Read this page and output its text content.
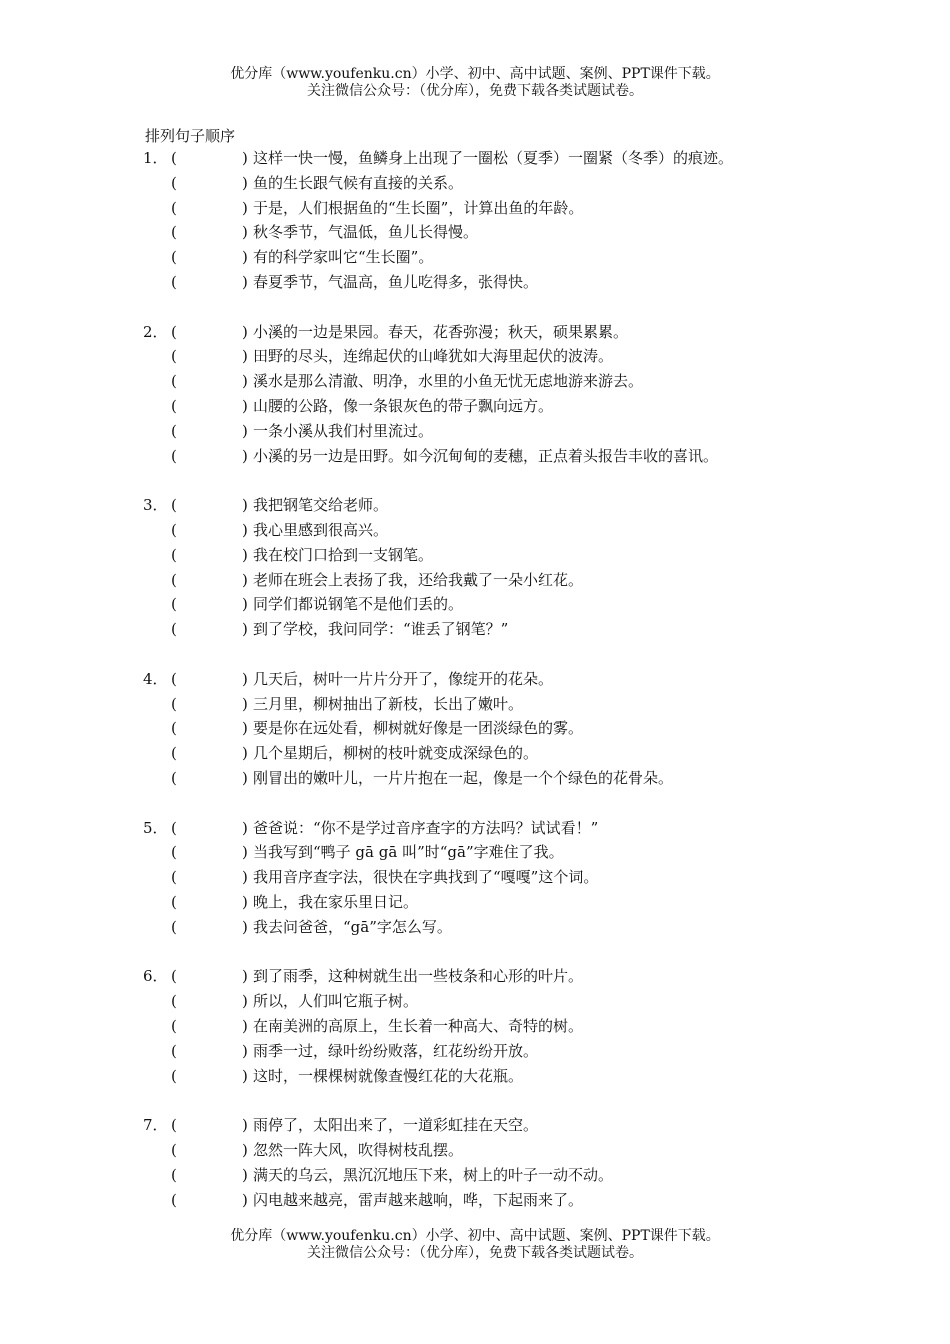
优分库（www.youfenku.cn）小学、初中、高中试题、案例、PPT课件下载。
关注微信公众号：（优分库），免费下载各类试题试卷。
排列句子顺序
1． (	) 这样一快一慢，鱼鳞身上出现了一圈松（夏季）一圈紧（冬季）的痕迹。
(	) 鱼的生长跟气候有直接的关系。
(	) 于是，人们根据鱼的“生长圈”，计算出鱼的年龄。
(	) 秋冬季节，气温低，鱼儿长得慢。
(	) 有的科学家叫它“生长圈”。
(	) 春夏季节，气温高，鱼儿吃得多，张得快。
2． (	) 小溪的一边是果园。春天，花香弥漫；秋天，硕果累累。
(	) 田野的尽头，连绵起伏的山峰犹如大海里起伏的波涛。
(	) 溪水是那么清澈、明净，水里的小鱼无忧无虑地游来游去。
(	) 山腰的公路，像一条银灰色的带子飘向远方。
(	) 一条小溪从我们村里流过。
(	) 小溪的另一边是田野。如今沉甸甸的麦穗，正点着头报告丰收的喜讯。
3． (	) 我把钢笔交给老师。
(	) 我心里感到很高兴。
(	) 我在校门口拾到一支钢笔。
(	) 老师在班会上表扬了我，还给我戴了一朵小红花。
(	) 同学们都说钢笔不是他们丢的。
(	) 到了学校，我问同学：“谁丢了钢笔？”
4． (	) 几天后，树叶一片片分开了，像绽开的花朵。
(	) 三月里，柳树抽出了新枝，长出了嫩叶。
(	) 要是你在远处看，柳树就好像是一团淡绿色的雾。
(	) 几个星期后，柳树的枝叶就变成深绿色的。
(	) 刚冒出的嫩叶儿，一片片抱在一起，像是一个个绿色的花骨朵。
5． (	) 爸爸说：“你不是学过音序查字的方法吗？试试看！”
(	) 当我写到“鸭子 gā gā 叫”时“gā”字难住了我。
(	) 我用音序查字法，很快在字典找到了“嘎嘎”这个词。
(	) 晚上，我在家乐里日记。
(	) 我去问爸爸，“gā”字怎么写。
6． (	) 到了雨季，这种树就生出一些枝条和心形的叶片。
(	) 所以，人们叫它瓶子树。
(	) 在南美洲的高原上，生长着一种高大、奇特的树。
(	) 雨季一过，绿叶纷纷败落，红花纷纷开放。
(	) 这时，一棵棵树就像查慢红花的大花瓶。
7． (	) 雨停了，太阳出来了，一道彩虹挂在天空。
(	) 忽然一阵大风，吹得树枝乱摆。
(	) 满天的乌云，黑沉沉地压下来，树上的叶子一动不动。
(	) 闪电越来越亮，雷声越来越响，哗，下起雨来了。
优分库（www.youfenku.cn）小学、初中、高中试题、案例、PPT课件下载。
关注微信公众号：（优分库），免费下载各类试题试卷。
